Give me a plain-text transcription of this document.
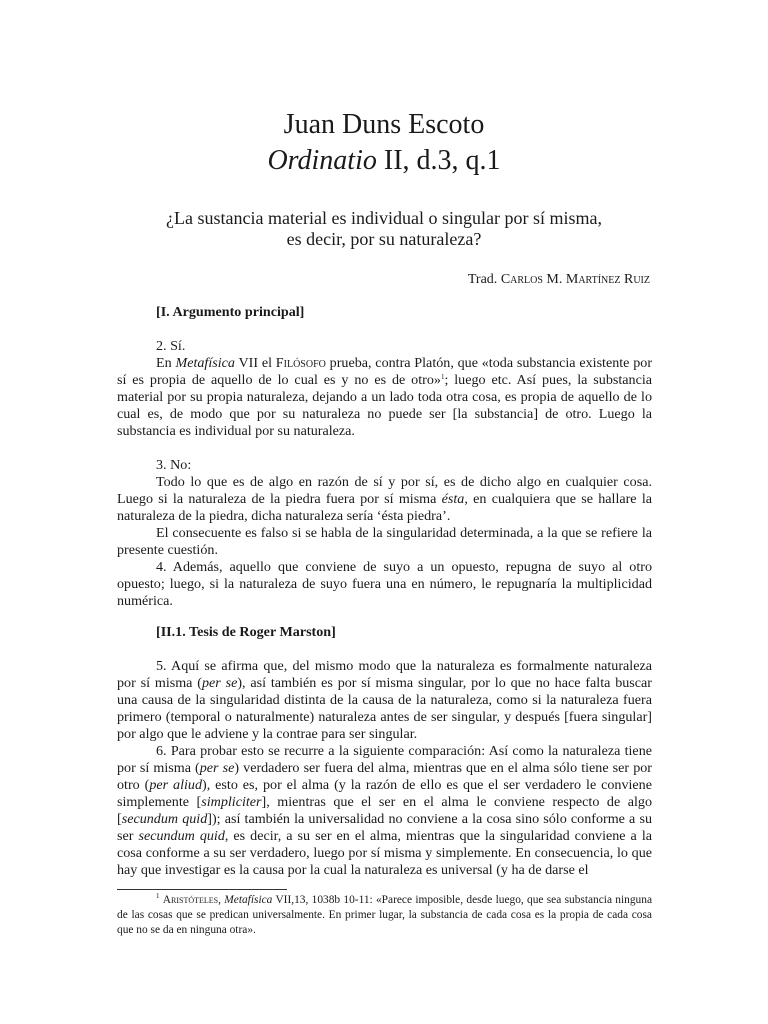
Juan Duns Escoto
Ordinatio II, d.3, q.1

¿La sustancia material es individual o singular por sí misma,
es decir, por su naturaleza?

Trad. Carlos M. Martínez Ruiz

[I. Argumento principal]

2. Sí.

En Metafísica VII el Filósofo prueba, contra Platón, que «toda substancia existente por sí es propia de aquello de lo cual es y no es de otro»$^1$; luego etc. Así pues, la substancia material por su propia naturaleza, dejando a un lado toda otra cosa, es propia de aquello de lo cual es, de modo que por su naturaleza no puede ser [la substancia] de otro. Luego la substancia es individual por su naturaleza.

3. No:

Todo lo que es de algo en razón de sí y por sí, es de dicho algo en cualquier cosa. Luego si la naturaleza de la piedra fuera por sí misma ésta, en cualquiera que se hallare la naturaleza de la piedra, dicha naturaleza sería ‘ésta piedra’.

El consecuente es falso si se habla de la singularidad determinada, a la que se refiere la presente cuestión.

4. Además, aquello que conviene de suyo a un opuesto, repugna de suyo al otro opuesto; luego, si la naturaleza de suyo fuera una en número, le repugnaría la multiplicidad numérica.

[II.1. Tesis de Roger Marston]

5. Aquí se afirma que, del mismo modo que la naturaleza es formalmente naturaleza por sí misma (per se), así también es por sí misma singular, por lo que no hace falta buscar una causa de la singularidad distinta de la causa de la naturaleza, como si la naturaleza fuera primero (temporal o naturalmente) naturaleza antes de ser singular, y después [fuera singular] por algo que le adviene y la contrae para ser singular.

6. Para probar esto se recurre a la siguiente comparación: Así como la naturaleza tiene por sí misma (per se) verdadero ser fuera del alma, mientras que en el alma sólo tiene ser por otro (per aliud), esto es, por el alma (y la razón de ello es que el ser verdadero le conviene simplemente [simpliciter], mientras que el ser en el alma le conviene respecto de algo [secundum quid]); así también la universalidad no conviene a la cosa sino sólo conforme a su ser secundum quid, es decir, a su ser en el alma, mientras que la singularidad conviene a la cosa conforme a su ser verdadero, luego por sí misma y simplemente. En consecuencia, lo que hay que investigar es la causa por la cual la naturaleza es universal (y ha de darse el

$^1$ Aristóteles, Metafísica VII,13, 1038b 10-11: «Parece imposible, desde luego, que sea substancia ninguna de las cosas que se predican universalmente. En primer lugar, la substancia de cada cosa es la propia de cada cosa que no se da en ninguna otra».
